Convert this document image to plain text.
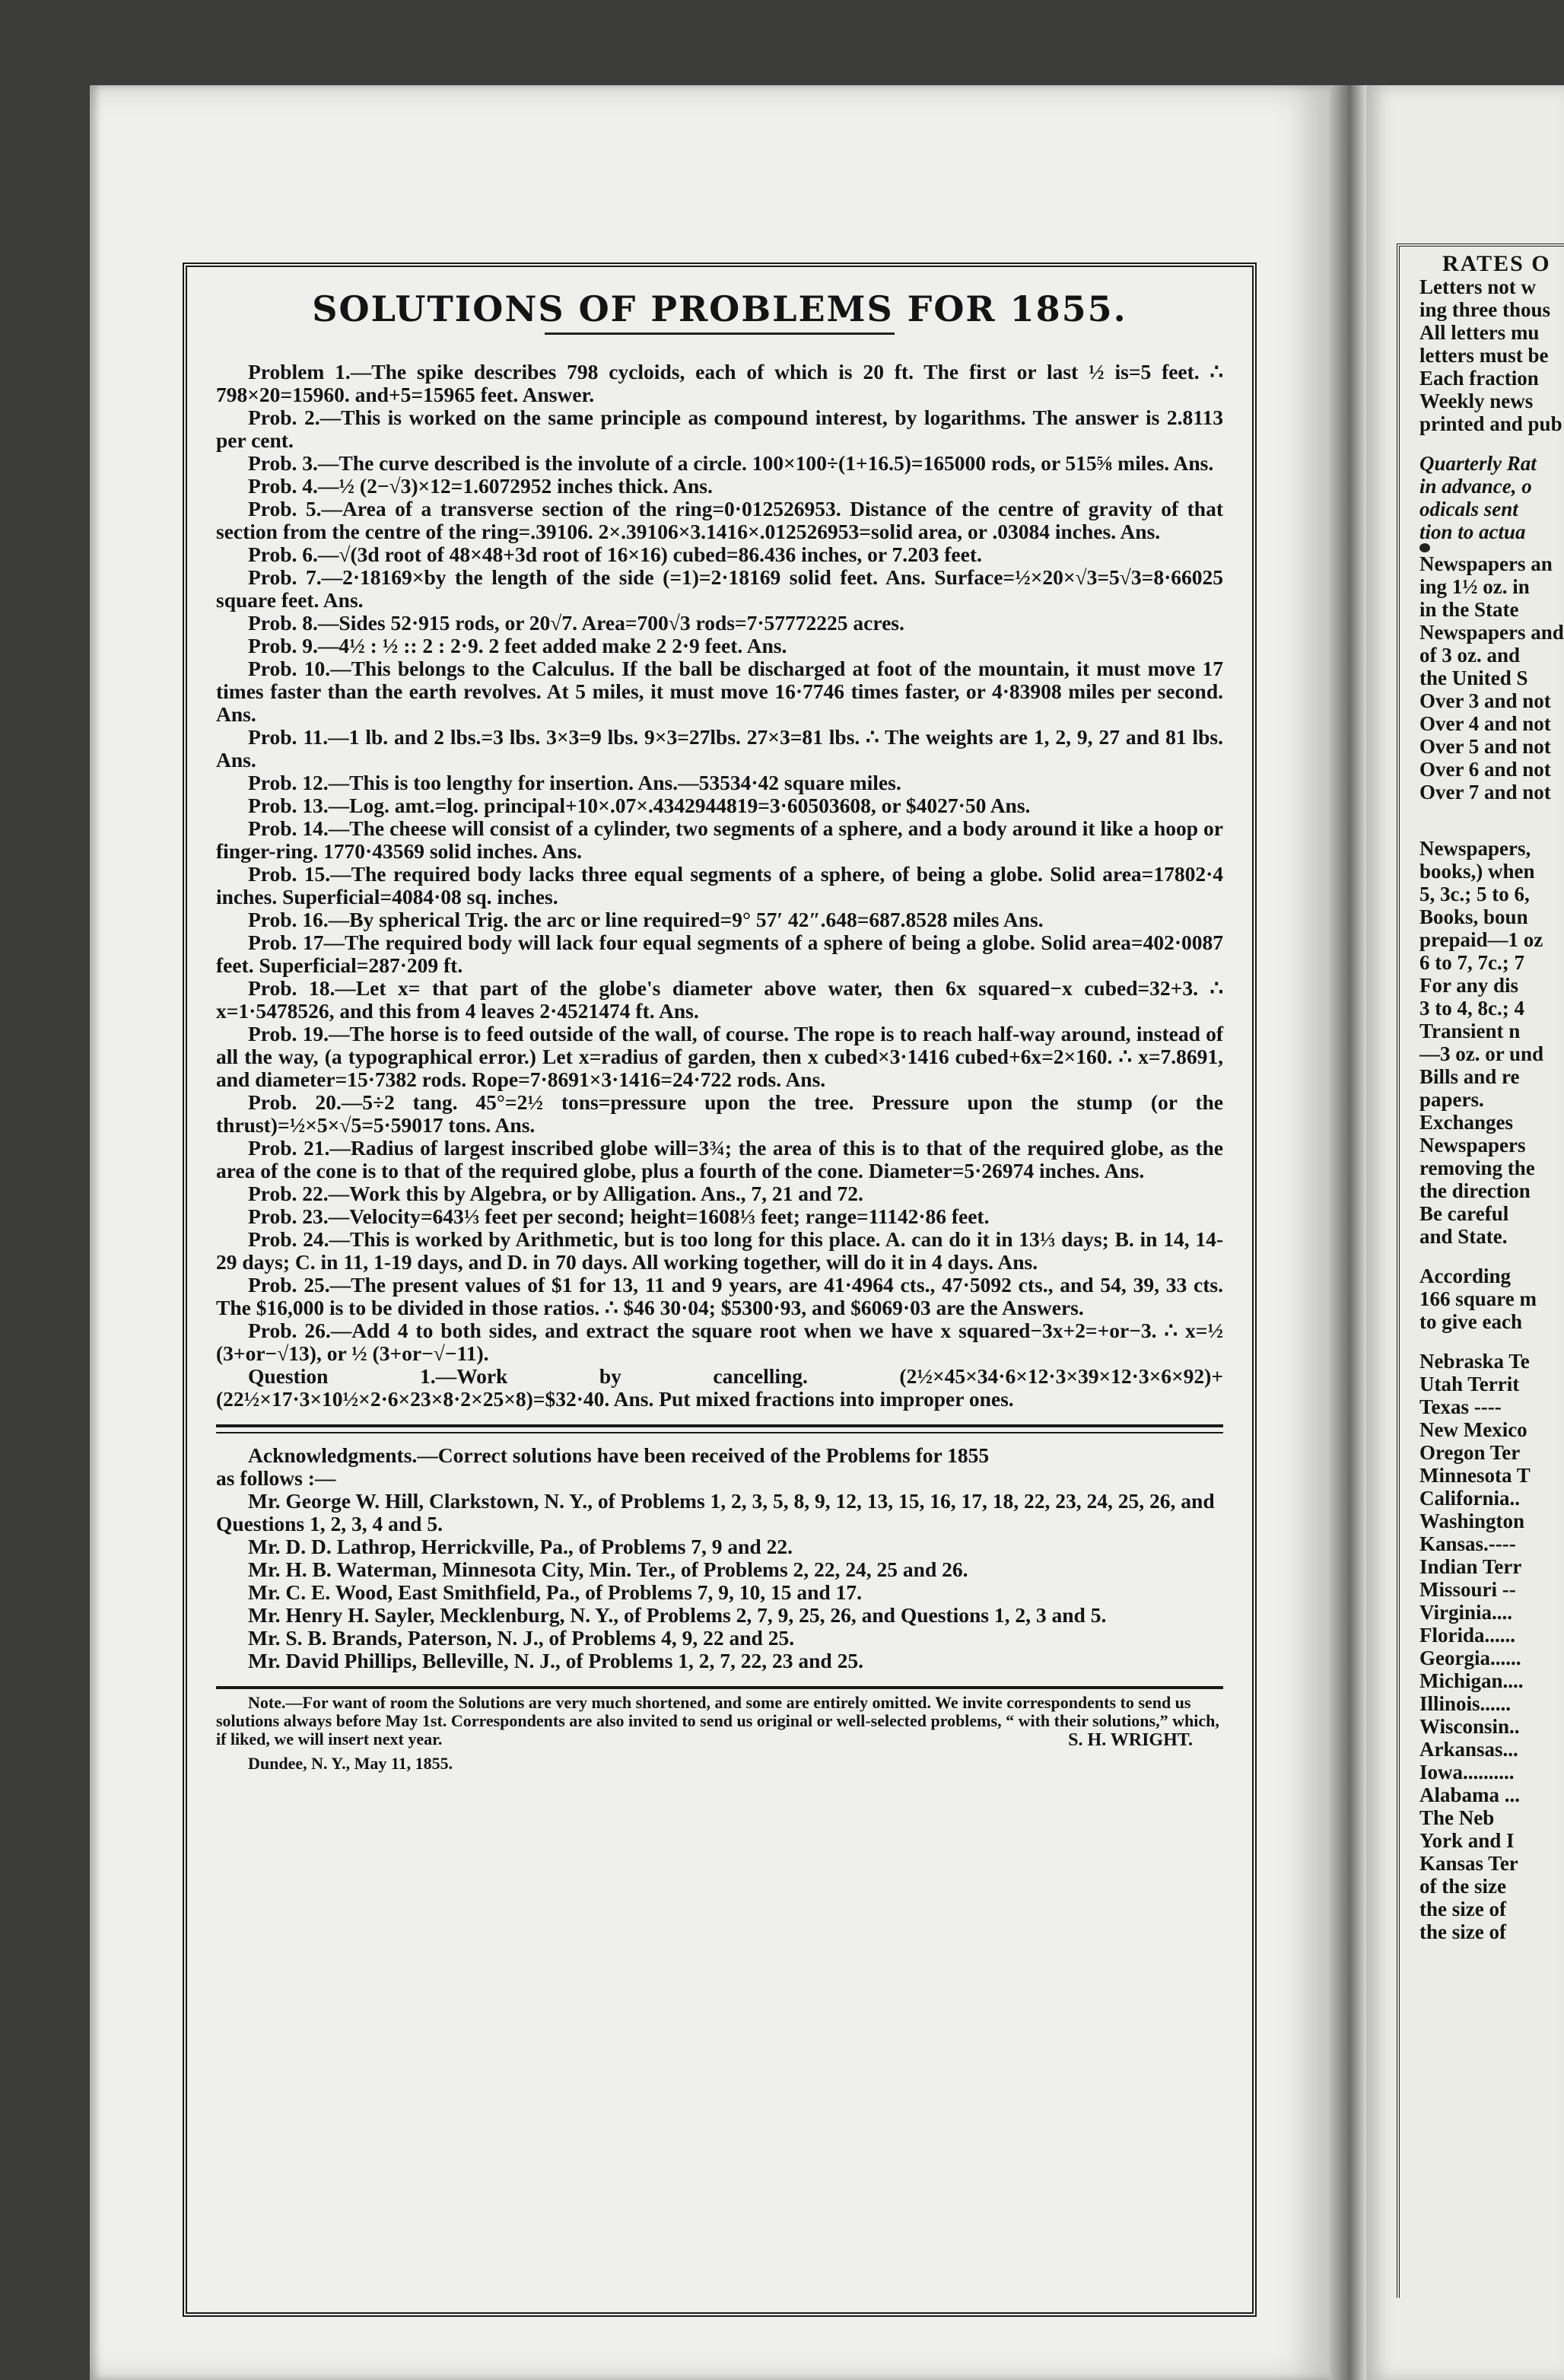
SOLUTIONS OF PROBLEMS FOR 1855.

Problem 1.—The spike describes 798 cycloids, each of which is 20 ft. The first or last ½ is=5 feet. ∴ 798×20=15960. and+5=15965 feet. Answer.

Prob. 2.—This is worked on the same principle as compound interest, by logarithms. The answer is 2.8113 per cent.

Prob. 3.—The curve described is the involute of a circle. 100×100÷(1+16.5)=165000 rods, or 515⅝ miles. Ans.

Prob. 4.—½ (2−√3)×12=1.6072952 inches thick. Ans.

Prob. 5.—Area of a transverse section of the ring=0·012526953. Distance of the centre of gravity of that section from the centre of the ring=.39106. 2×.39106×3.1416×.012526953=solid area, or .03084 inches. Ans.

Prob. 6.—√(3d root of 48×48+3d root of 16×16) cubed=86.436 inches, or 7.203 feet.

Prob. 7.—2·18169×by the length of the side (=1)=2·18169 solid feet. Ans. Surface=½×20×√3=5√3=8·66025 square feet. Ans.

Prob. 8.—Sides 52·915 rods, or 20√7. Area=700√3 rods=7·57772225 acres.

Prob. 9.—4½ : ½ :: 2 : 2·9. 2 feet added make 2 2·9 feet. Ans.

Prob. 10.—This belongs to the Calculus. If the ball be discharged at foot of the mountain, it must move 17 times faster than the earth revolves. At 5 miles, it must move 16·7746 times faster, or 4·83908 miles per second. Ans.

Prob. 11.—1 lb. and 2 lbs.=3 lbs. 3×3=9 lbs. 9×3=27lbs. 27×3=81 lbs. ∴ The weights are 1, 2, 9, 27 and 81 lbs. Ans.

Prob. 12.—This is too lengthy for insertion. Ans.—53534·42 square miles.

Prob. 13.—Log. amt.=log. principal+10×.07×.4342944819=3·60503608, or $4027·50 Ans.

Prob. 14.—The cheese will consist of a cylinder, two segments of a sphere, and a body around it like a hoop or finger-ring. 1770·43569 solid inches. Ans.

Prob. 15.—The required body lacks three equal segments of a sphere, of being a globe. Solid area=17802·4 inches. Superficial=4084·08 sq. inches.

Prob. 16.—By spherical Trig. the arc or line required=9° 57′ 42″.648=687.8528 miles Ans.

Prob. 17—The required body will lack four equal segments of a sphere of being a globe. Solid area=402·0087 feet. Superficial=287·209 ft.

Prob. 18.—Let x= that part of the globe's diameter above water, then 6x squared−x cubed=32+3. ∴ x=1·5478526, and this from 4 leaves 2·4521474 ft. Ans.

Prob. 19.—The horse is to feed outside of the wall, of course. The rope is to reach half-way around, instead of all the way, (a typographical error.) Let x=radius of garden, then x cubed×3·1416 cubed+6x=2×160. ∴ x=7.8691, and diameter=15·7382 rods. Rope=7·8691×3·1416=24·722 rods. Ans.

Prob. 20.—5÷2 tang. 45°=2½ tons=pressure upon the tree. Pressure upon the stump (or the thrust)=½×5×√5=5·59017 tons. Ans.

Prob. 21.—Radius of largest inscribed globe will=3¾; the area of this is to that of the required globe, as the area of the cone is to that of the required globe, plus a fourth of the cone. Diameter=5·26974 inches. Ans.

Prob. 22.—Work this by Algebra, or by Alligation. Ans., 7, 21 and 72.

Prob. 23.—Velocity=643⅓ feet per second; height=1608⅓ feet; range=11142·86 feet.

Prob. 24.—This is worked by Arithmetic, but is too long for this place. A. can do it in 13⅓ days; B. in 14, 14-29 days; C. in 11, 1-19 days, and D. in 70 days. All working together, will do it in 4 days. Ans.

Prob. 25.—The present values of $1 for 13, 11 and 9 years, are 41·4964 cts., 47·5092 cts., and 54, 39, 33 cts. The $16,000 is to be divided in those ratios. ∴ $46 30·04; $5300·93, and $6069·03 are the Answers.

Prob. 26.—Add 4 to both sides, and extract the square root when we have x squared−3x+2=+or−3. ∴ x=½ (3+or−√13), or ½ (3+or−√−11).

Question 1.—Work by cancelling. (2½×45×34·6×12·3×39×12·3×6×92)+(22½×17·3×10½×2·6×23×8·2×25×8)=$32·40. Ans. Put mixed fractions into improper ones.

Acknowledgments.—Correct solutions have been received of the Problems for 1855

as follows :—

Mr. George W. Hill, Clarkstown, N. Y., of Problems 1, 2, 3, 5, 8, 9, 12, 13, 15, 16, 17, 18, 22, 23, 24, 25, 26, and Questions 1, 2, 3, 4 and 5.

Mr. D. D. Lathrop, Herrickville, Pa., of Problems 7, 9 and 22.

Mr. H. B. Waterman, Minnesota City, Min. Ter., of Problems 2, 22, 24, 25 and 26.

Mr. C. E. Wood, East Smithfield, Pa., of Problems 7, 9, 10, 15 and 17.

Mr. Henry H. Sayler, Mecklenburg, N. Y., of Problems 2, 7, 9, 25, 26, and Questions 1, 2, 3 and 5.

Mr. S. B. Brands, Paterson, N. J., of Problems 4, 9, 22 and 25.

Mr. David Phillips, Belleville, N. J., of Problems 1, 2, 7, 22, 23 and 25.

Note.—For want of room the Solutions are very much shortened, and some are entirely omitted. We invite correspondents to send us solutions always before May 1st. Correspondents are also invited to send us original or well-selected problems, “ with their solutions,” which, if liked, we will insert next year.	S. H. WRIGHT.
Dundee, N. Y., May 11, 1855.
RATES O
Letters not w
ing three thous
All letters mu
letters must be
Each fraction
Weekly news
printed and pub
Quarterly Rat
in advance, o
odicals sent
tion to actua
Newspapers an
ing 1½ oz. in
in the State
Newspapers and
of 3 oz. and
the United S
Over 3 and not
Over 4 and not
Over 5 and not
Over 6 and not
Over 7 and not
Newspapers,
books,) when
5, 3c.; 5 to 6,
Books, boun
prepaid—1 oz
6 to 7, 7c.; 7
For any dis
3 to 4, 8c.; 4
Transient n
—3 oz. or und
Bills and re
papers.
Exchanges
Newspapers
removing the
the direction
Be careful
and State.
According
166 square m
to give each
Nebraska Te
Utah Territ
Texas ----
New Mexico
Oregon Ter
Minnesota T
California..
Washington
Kansas.----
Indian Terr
Missouri --
Virginia....
Florida......
Georgia......
Michigan....
Illinois......
Wisconsin..
Arkansas...
Iowa..........
Alabama ...
The Neb
York and I
Kansas Ter
of the size
the size of
the size of
